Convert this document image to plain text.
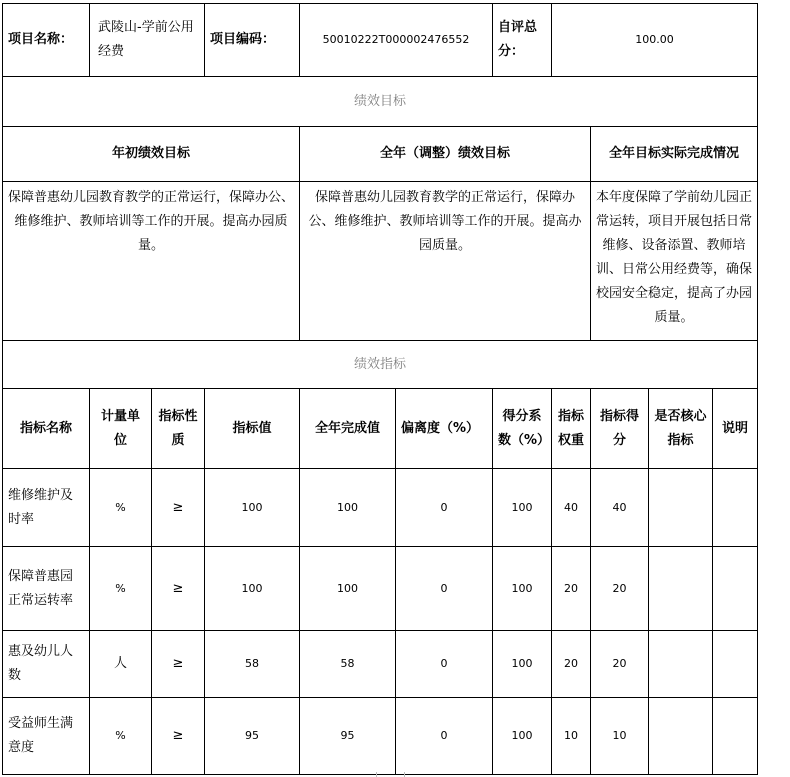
项目名称：	武陵山-学前公用经费		项目编码：	50010222T000002476552		自评总分：	100.00			
绩效目标										
年初绩效目标				全年（调整）绩效目标				全年目标实际完成情况		
保障普惠幼儿园教育教学的正常运行，保障办公、维修维护、教师培训等工作的开展。提高办园质量。				保障普惠幼儿园教育教学的正常运行，保障办公、维修维护、教师培训等工作的开展。提高办园质量。				本年度保障了学前幼儿园正常运转，项目开展包括日常维修、设备添置、教师培训、日常公用经费等，确保校园安全稳定，提高了办园质量。		
绩效指标										
指标名称	计量单位	指标性质	指标值	全年完成值	偏离度（%）	得分系数（%）	指标权重	指标得分	是否核心指标	说明
维修维护及时率	%	≥	100	100	0	100	40	40		
保障普惠园正常运转率	%	≥	100	100	0	100	20	20		
惠及幼儿人数	人	≥	58	58	0	100	20	20		
受益师生满意度	%	≥	95	95	0	100	10	10		
